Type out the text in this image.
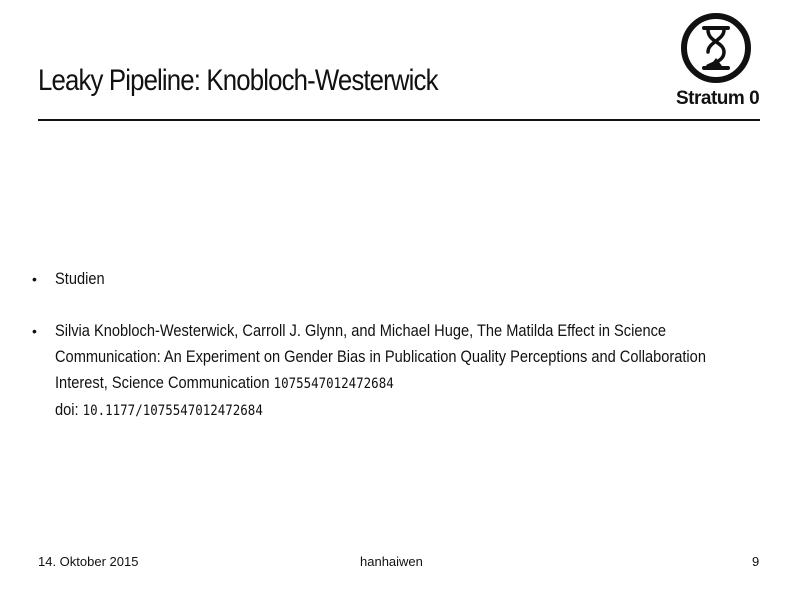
Leaky Pipeline: Knobloch-Westerwick
Stratum 0
• Studien
• Silvia Knobloch-Westerwick, Carroll J. Glynn, and Michael Huge, The Matilda Effect in Science
Communication: An Experiment on Gender Bias in Publication Quality Perceptions and Collaboration
Interest, Science Communication 1075547012472684
doi: 10.1177/1075547012472684
14. Oktober 2015	hanhaiwen	9
